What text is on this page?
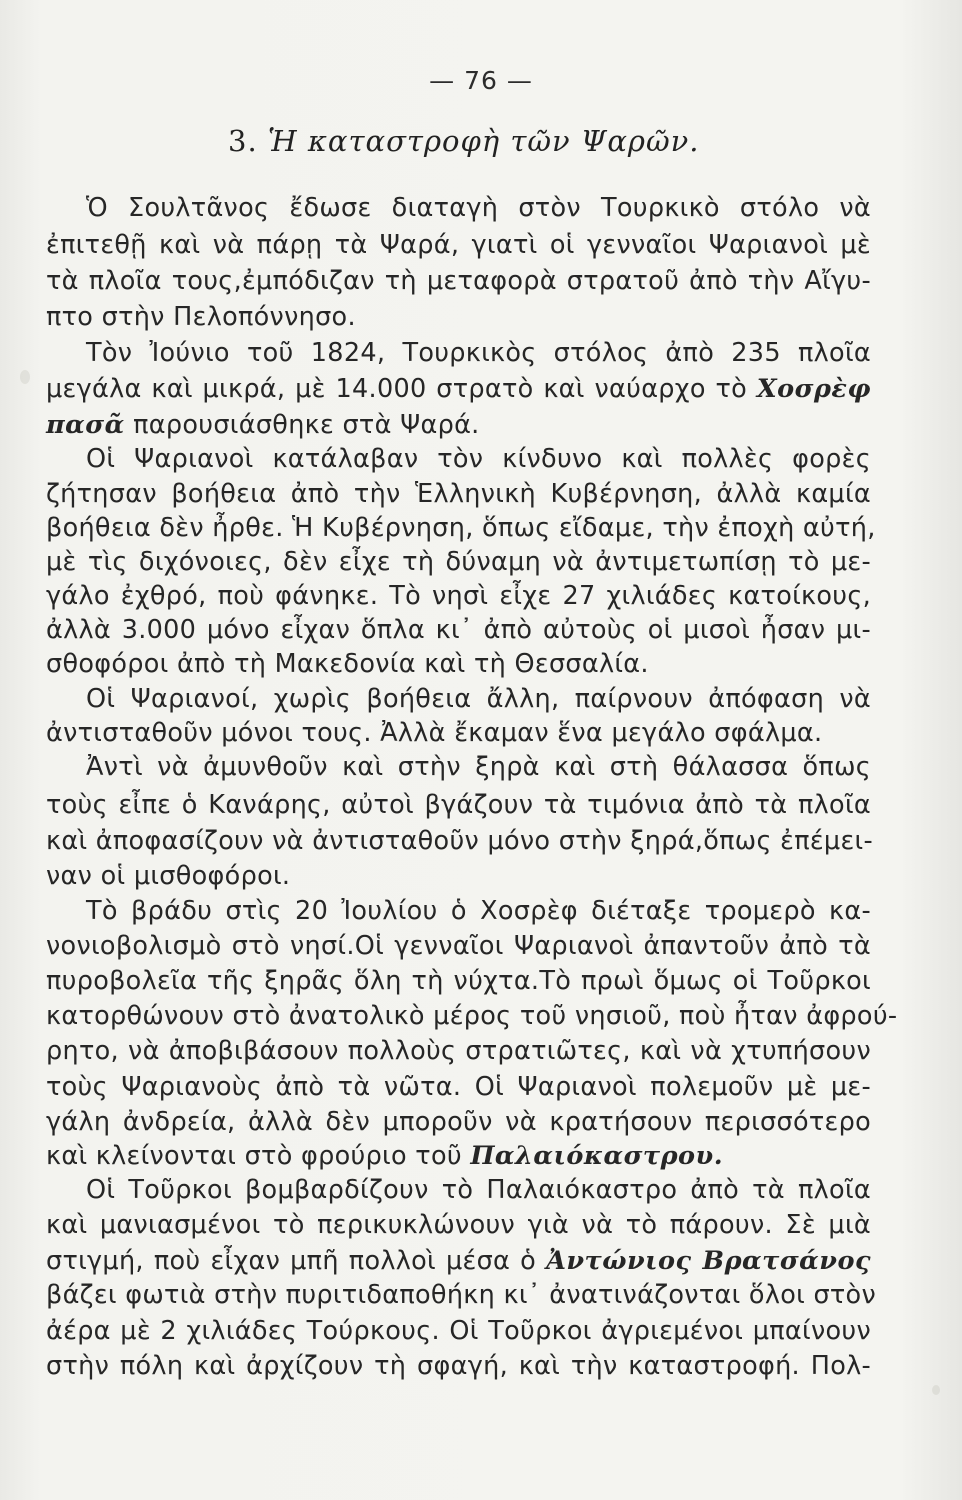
— 76 —
3. Ἡ καταστροφὴ τῶν Ψαρῶν.
Ὁ Σουλτᾶνος ἔδωσε διαταγὴ στὸν Τουρκικὸ στόλο νὰ
ἐπιτεθῇ καὶ νὰ πάρῃ τὰ Ψαρά, γιατὶ οἱ γενναῖοι Ψαριανοὶ μὲ
τὰ πλοῖα τους,ἐμπόδιζαν τὴ μεταφορὰ στρατοῦ ἀπὸ τὴν Αἴγυ-
πτο στὴν Πελοπόννησο.
Τὸν Ἰούνιο τοῦ 1824, Τουρκικὸς στόλος ἀπὸ 235 πλοῖα
μεγάλα καὶ μικρά, μὲ 14.000 στρατὸ καὶ ναύαρχο τὸ Χοσρὲφ
πασᾶ παρουσιάσθηκε στὰ Ψαρά.
Οἱ Ψαριανοὶ κατάλαβαν τὸν κίνδυνο καὶ πολλὲς φορὲς
ζήτησαν βοήθεια ἀπὸ τὴν Ἑλληνικὴ Κυβέρνηση, ἀλλὰ καμία
βοήθεια δὲν ἦρθε. Ἡ Κυβέρνηση, ὅπως εἴδαμε, τὴν ἐποχὴ αὐτή,
μὲ τὶς διχόνοιες, δὲν εἶχε τὴ δύναμη νὰ ἀντιμετωπίσῃ τὸ με-
γάλο ἐχθρό, ποὺ φάνηκε. Τὸ νησὶ εἶχε 27 χιλιάδες κατοίκους,
ἀλλὰ 3.000 μόνο εἶχαν ὅπλα κι᾿ ἀπὸ αὐτοὺς οἱ μισοὶ ἦσαν μι-
σθοφόροι ἀπὸ τὴ Μακεδονία καὶ τὴ Θεσσαλία.
Οἱ Ψαριανοί, χωρὶς βοήθεια ἄλλη, παίρνουν ἀπόφαση νὰ
ἀντισταθοῦν μόνοι τους. Ἀλλὰ ἔκαμαν ἕνα μεγάλο σφάλμα.
Ἀντὶ νὰ ἀμυνθοῦν καὶ στὴν ξηρὰ καὶ στὴ θάλασσα ὅπως
τοὺς εἶπε ὁ Κανάρης, αὐτοὶ βγάζουν τὰ τιμόνια ἀπὸ τὰ πλοῖα
καὶ ἀποφασίζουν νὰ ἀντισταθοῦν μόνο στὴν ξηρά,ὅπως ἐπέμει-
ναν οἱ μισθοφόροι.
Τὸ βράδυ στὶς 20 Ἰουλίου ὁ Χοσρὲφ διέταξε τρομερὸ κα-
νονιοβολισμὸ στὸ νησί.Οἱ γενναῖοι Ψαριανοὶ ἀπαντοῦν ἀπὸ τὰ
πυροβολεῖα τῆς ξηρᾶς ὅλη τὴ νύχτα.Τὸ πρωὶ ὅμως οἱ Τοῦρκοι
κατορθώνουν στὸ ἀνατολικὸ μέρος τοῦ νησιοῦ, ποὺ ἦταν ἀφρού-
ρητο, νὰ ἀποβιβάσουν πολλοὺς στρατιῶτες, καὶ νὰ χτυπήσουν
τοὺς Ψαριανοὺς ἀπὸ τὰ νῶτα. Οἱ Ψαριανοὶ πολεμοῦν μὲ με-
γάλη ἀνδρεία, ἀλλὰ δὲν μποροῦν νὰ κρατήσουν περισσότερο
καὶ κλείνονται στὸ φρούριο τοῦ Παλαιόκαστρου.
Οἱ Τοῦρκοι βομβαρδίζουν τὸ Παλαιόκαστρο ἀπὸ τὰ πλοῖα
καὶ μανιασμένοι τὸ περικυκλώνουν γιὰ νὰ τὸ πάρουν. Σὲ μιὰ
στιγμή, ποὺ εἶχαν μπῆ πολλοὶ μέσα ὁ Ἀντώνιος Βρατσάνος
βάζει φωτιὰ στὴν πυριτιδαποθήκη κι᾿ ἀνατινάζονται ὅλοι στὸν
ἀέρα μὲ 2 χιλιάδες Τούρκους. Οἱ Τοῦρκοι ἀγριεμένοι μπαίνουν
στὴν πόλη καὶ ἀρχίζουν τὴ σφαγή, καὶ τὴν καταστροφή. Πολ-
